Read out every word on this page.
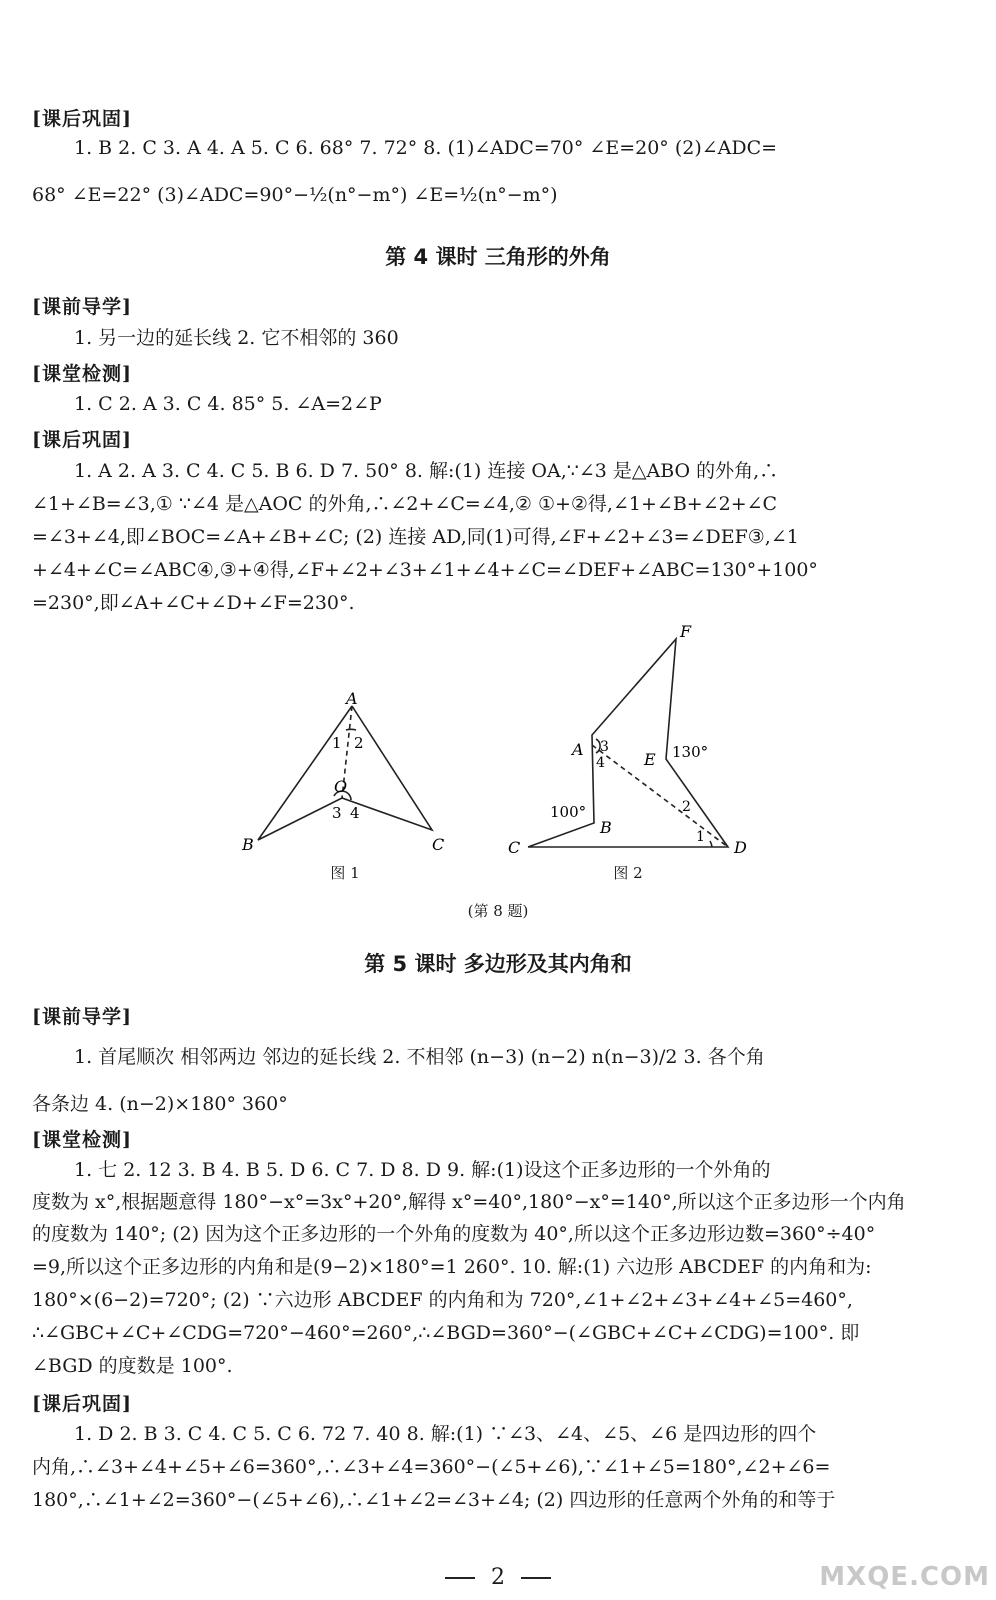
[课后巩固]
1. B 2. C 3. A 4. A 5. C 6. 68° 7. 72° 8. (1)∠ADC=70° ∠E=20° (2)∠ADC=
68° ∠E=22° (3)∠ADC=90°−½(n°−m°) ∠E=½(n°−m°)
第 4 课时 三角形的外角
[课前导学]
1. 另一边的延长线 2. 它不相邻的 360
[课堂检测]
1. C 2. A 3. C 4. 85° 5. ∠A=2∠P
[课后巩固]
1. A 2. A 3. C 4. C 5. B 6. D 7. 50° 8. 解:(1) 连接 OA,∵∠3 是△ABO 的外角,∴
∠1+∠B=∠3,① ∵∠4 是△AOC 的外角,∴∠2+∠C=∠4,② ①+②得,∠1+∠B+∠2+∠C
=∠3+∠4,即∠BOC=∠A+∠B+∠C; (2) 连接 AD,同(1)可得,∠F+∠2+∠3=∠DEF③,∠1
+∠4+∠C=∠ABC④,③+④得,∠F+∠2+∠3+∠1+∠4+∠C=∠DEF+∠ABC=130°+100°
=230°,即∠A+∠C+∠D+∠F=230°.
A
B	C
O
1 2
3 4
图 1
F
A
E
B
C	D
130°
100°
3
4
2
1
图 2
(第 8 题)
第 5 课时 多边形及其内角和
[课前导学]
1. 首尾顺次 相邻两边 邻边的延长线 2. 不相邻 (n−3) (n−2) n(n−3)/2 3. 各个角
各条边 4. (n−2)×180° 360°
[课堂检测]
1. 七 2. 12 3. B 4. B 5. D 6. C 7. D 8. D 9. 解:(1)设这个正多边形的一个外角的
度数为 x°,根据题意得 180°−x°=3x°+20°,解得 x°=40°,180°−x°=140°,所以这个正多边形一个内角
的度数为 140°; (2) 因为这个正多边形的一个外角的度数为 40°,所以这个正多边形边数=360°÷40°
=9,所以这个正多边形的内角和是(9−2)×180°=1 260°. 10. 解:(1) 六边形 ABCDEF 的内角和为:
180°×(6−2)=720°; (2) ∵六边形 ABCDEF 的内角和为 720°,∠1+∠2+∠3+∠4+∠5=460°,
∴∠GBC+∠C+∠CDG=720°−460°=260°,∴∠BGD=360°−(∠GBC+∠C+∠CDG)=100°. 即
∠BGD 的度数是 100°.
[课后巩固]
1. D 2. B 3. C 4. C 5. C 6. 72 7. 40 8. 解:(1) ∵∠3、∠4、∠5、∠6 是四边形的四个
内角,∴∠3+∠4+∠5+∠6=360°,∴∠3+∠4=360°−(∠5+∠6),∵∠1+∠5=180°,∠2+∠6=
180°,∴∠1+∠2=360°−(∠5+∠6),∴∠1+∠2=∠3+∠4; (2) 四边形的任意两个外角的和等于
2	MXQE.COM
